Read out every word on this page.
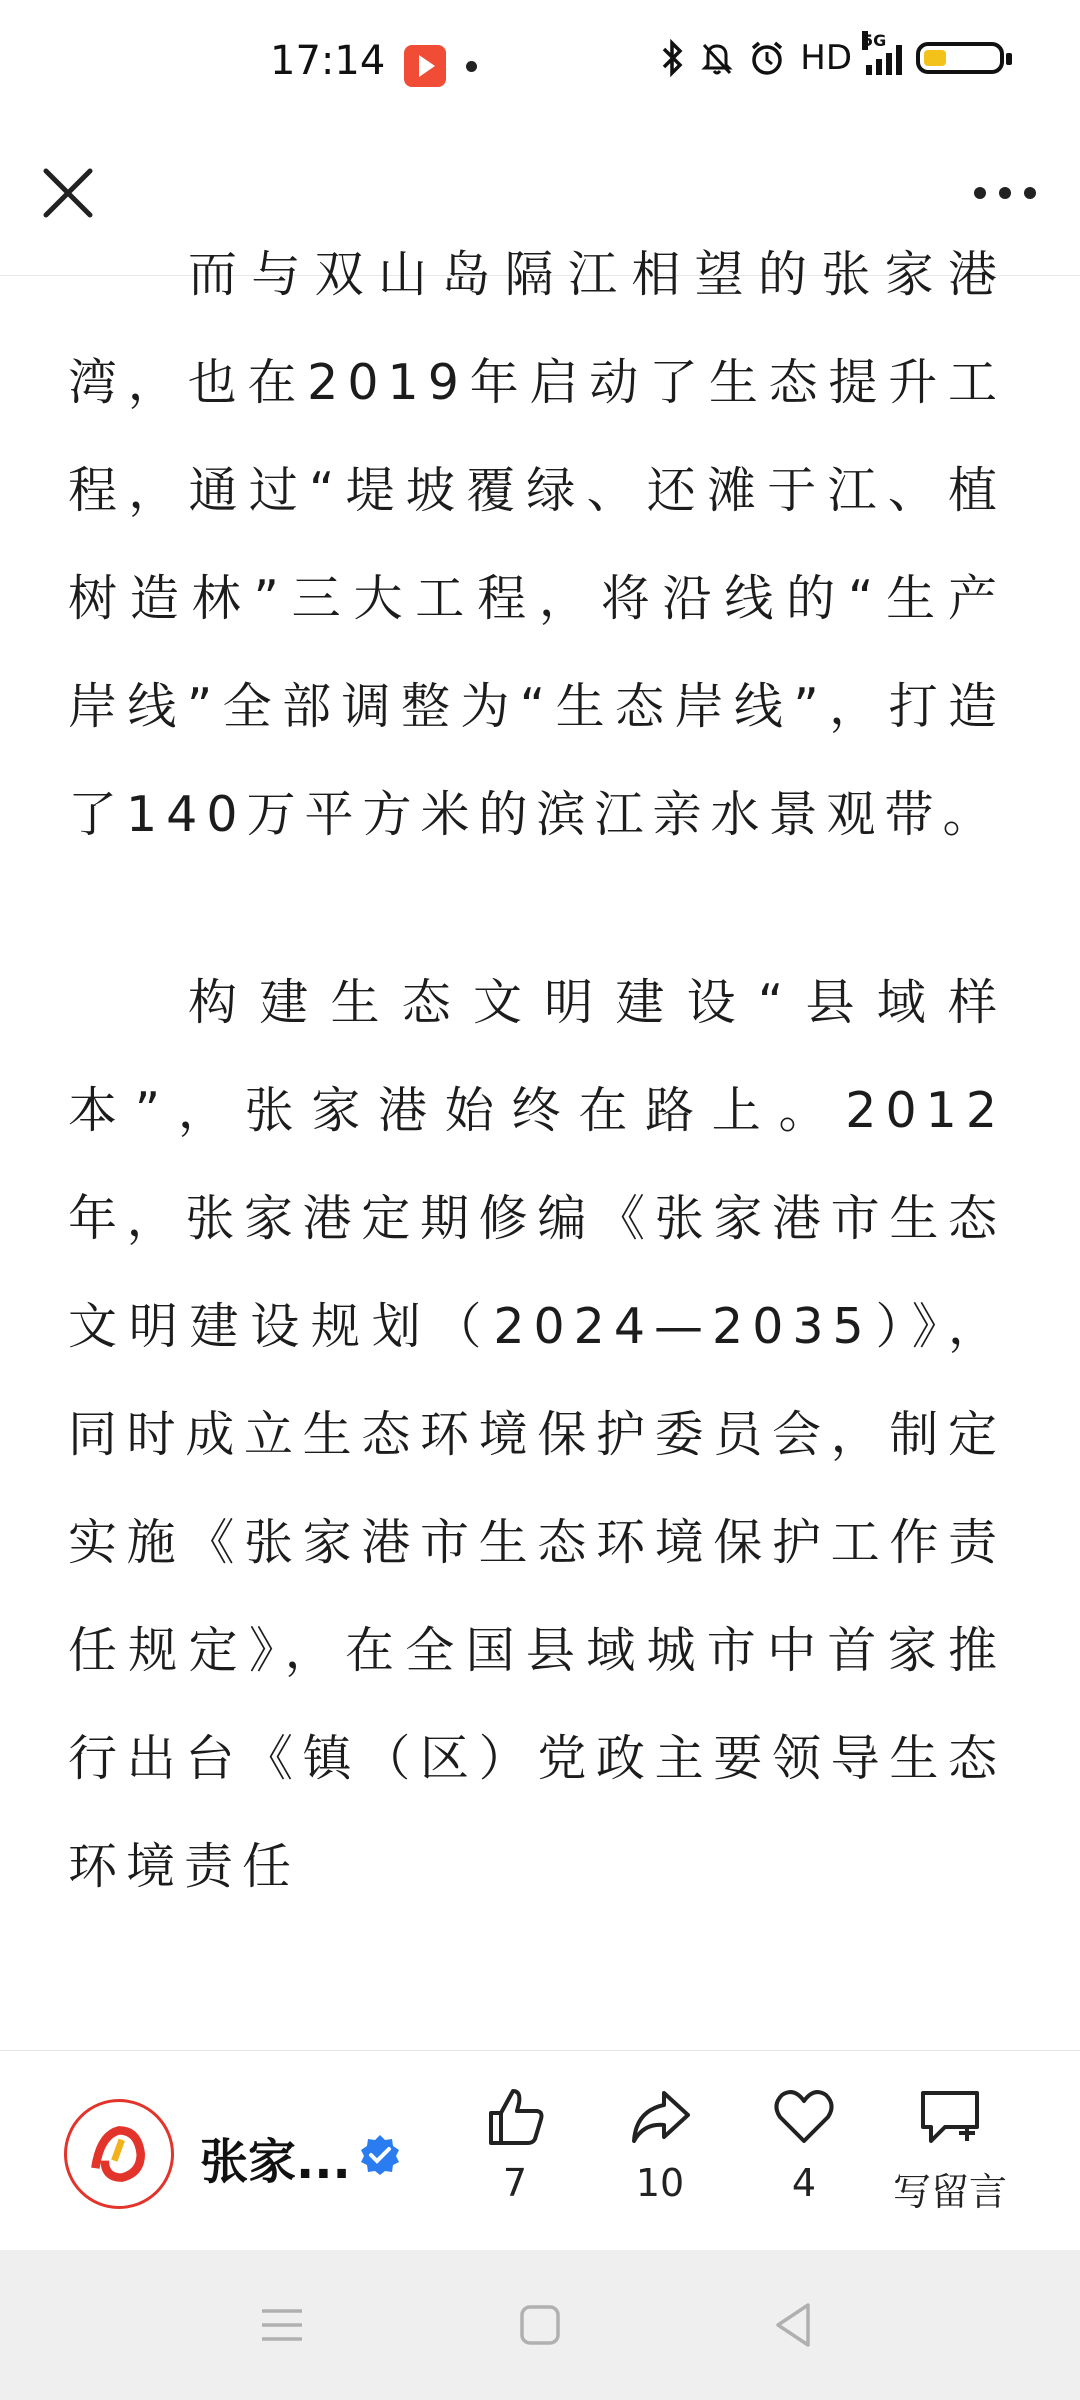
17:14	HD 5G

而与双山岛隔江相望的张家港湾，也在2019年启动了生态提升工程，通过“堤坡覆绿、还滩于江、植树造林”三大工程，将沿线的“生产岸线”全部调整为“生态岸线”，打造了140万平方米的滨江亲水景观带。

构建生态文明建设“县域样本”，张家港始终在路上。2012年，张家港定期修编《张家港市生态文明建设规划（2024—2035）》，同时成立生态环境保护委员会，制定实施《张家港市生态环境保护工作责任规定》，在全国县域城市中首家推行出台《镇（区）党政主要领导生态环境责任

张家...	7	10	4	写留言
